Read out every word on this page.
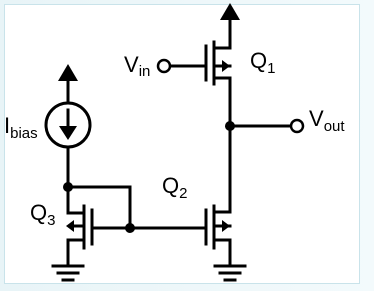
Vin	$Q_1$
$V_{out}$
$I_{bias}$
$Q_2$
$Q_3$
